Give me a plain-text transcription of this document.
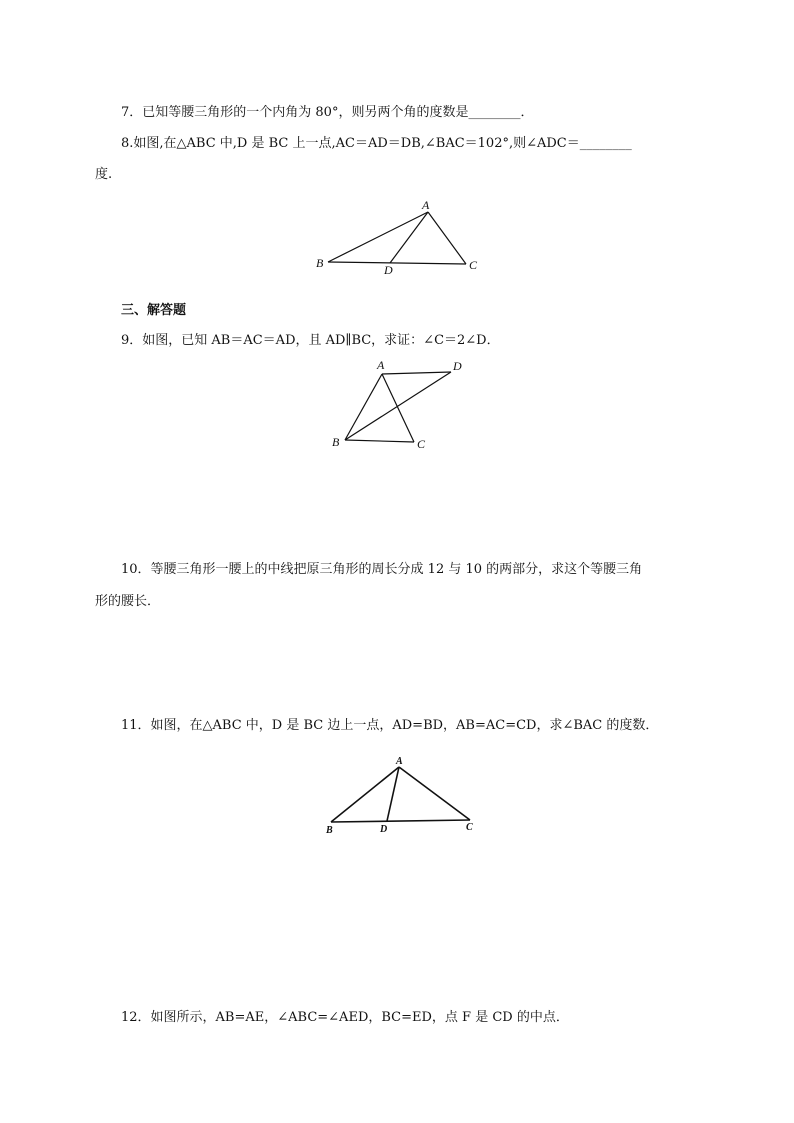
7．已知等腰三角形的一个内角为 80°，则另两个角的度数是________．
8.如图,在△ABC 中,D 是 BC 上一点,AC＝AD＝DB,∠BAC＝102°,则∠ADC＝________
度.
A
B	D	C
三、解答题
9．如图，已知 AB＝AC＝AD，且 AD∥BC，求证：∠C＝2∠D．
A	D
B	C
10．等腰三角形一腰上的中线把原三角形的周长分成 12 与 10 的两部分，求这个等腰三角
形的腰长．
11．如图，在△ABC 中，D 是 BC 边上一点，AD=BD，AB=AC=CD，求∠BAC 的度数．
A
B	D	C
12．如图所示，AB=AE，∠ABC=∠AED，BC=ED，点 F 是 CD 的中点．
